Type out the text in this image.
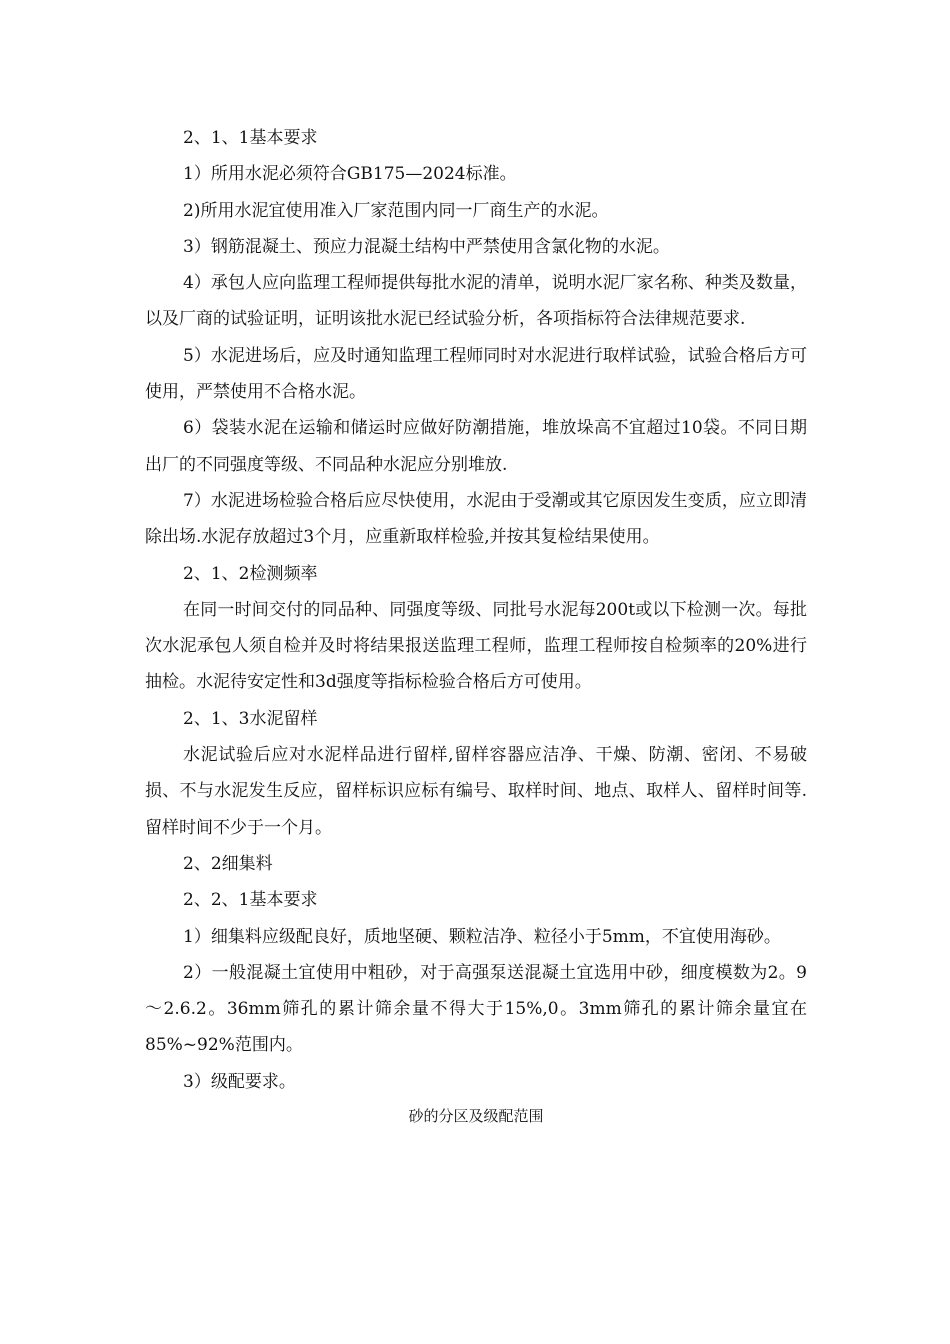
2、1、1基本要求

1）所用水泥必须符合GB175—2024标准。

2)所用水泥宜使用准入厂家范围内同一厂商生产的水泥。

3）钢筋混凝土、预应力混凝土结构中严禁使用含氯化物的水泥。

4）承包人应向监理工程师提供每批水泥的清单，说明水泥厂家名称、种类及数量，以及厂商的试验证明，证明该批水泥已经试验分析，各项指标符合法律规范要求.

5）水泥进场后，应及时通知监理工程师同时对水泥进行取样试验，试验合格后方可使用，严禁使用不合格水泥。

6）袋装水泥在运输和储运时应做好防潮措施，堆放垛高不宜超过10袋。不同日期出厂的不同强度等级、不同品种水泥应分别堆放.

7）水泥进场检验合格后应尽快使用，水泥由于受潮或其它原因发生变质，应立即清除出场.水泥存放超过3个月，应重新取样检验,并按其复检结果使用。

2、1、2检测频率

在同一时间交付的同品种、同强度等级、同批号水泥每200t或以下检测一次。每批次水泥承包人须自检并及时将结果报送监理工程师，监理工程师按自检频率的20%进行抽检。水泥待安定性和3d强度等指标检验合格后方可使用。

2、1、3水泥留样

水泥试验后应对水泥样品进行留样,留样容器应洁净、干燥、防潮、密闭、不易破损、不与水泥发生反应，留样标识应标有编号、取样时间、地点、取样人、留样时间等.留样时间不少于一个月。

2、2细集料

2、2、1基本要求

1）细集料应级配良好，质地坚硬、颗粒洁净、粒径小于5mm，不宜使用海砂。

2）一般混凝土宜使用中粗砂，对于高强泵送混凝土宜选用中砂，细度模数为2。9～2.6.2。36mm筛孔的累计筛余量不得大于15%,0。3mm筛孔的累计筛余量宜在85%~92%范围内。

3）级配要求。

砂的分区及级配范围
